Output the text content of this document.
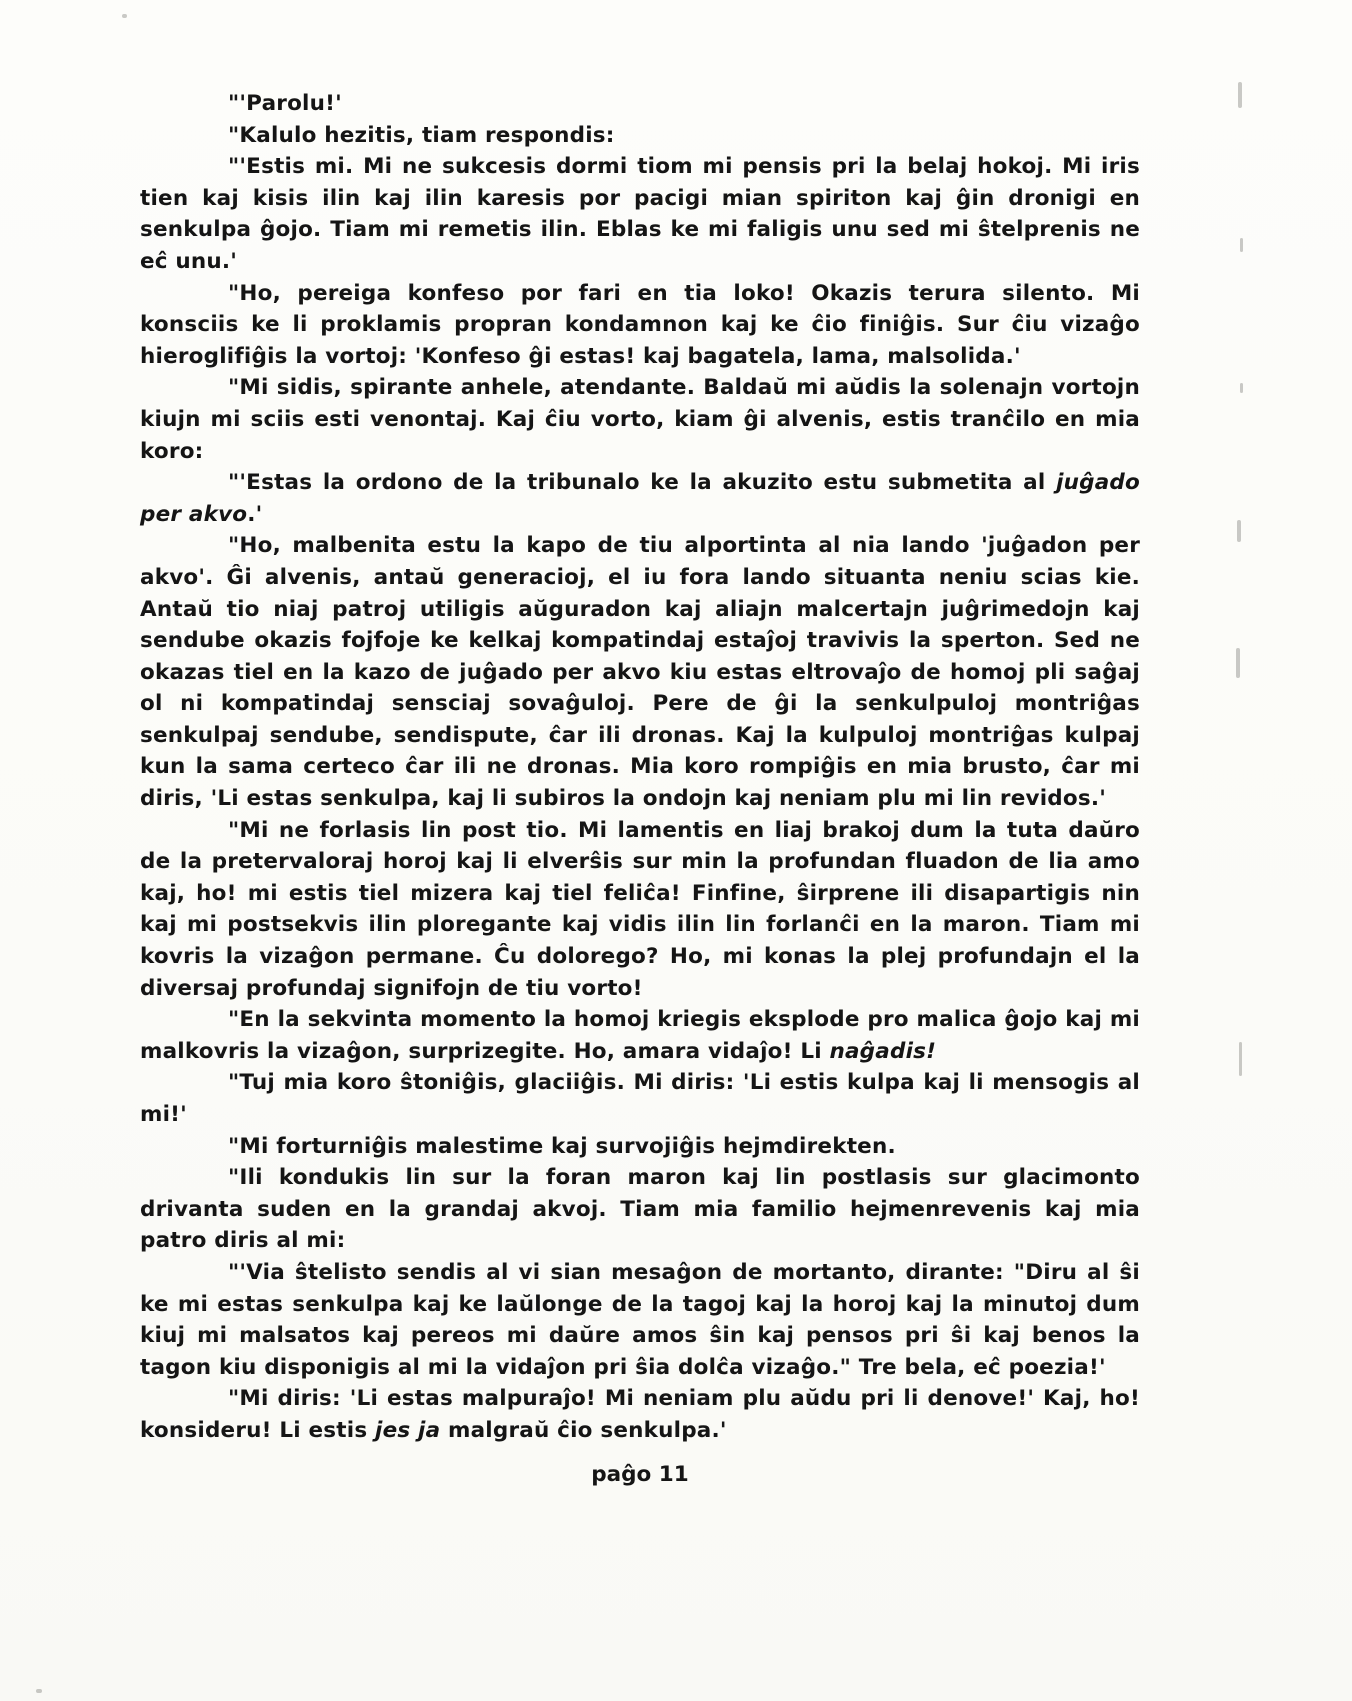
"'Parolu!'

"Kalulo hezitis, tiam respondis:

"'Estis mi. Mi ne sukcesis dormi tiom mi pensis pri la belaj hokoj. Mi iris tien kaj kisis ilin kaj ilin karesis por pacigi mian spiriton kaj ĝin dronigi en senkulpa ĝojo. Tiam mi remetis ilin. Eblas ke mi faligis unu sed mi ŝtelprenis ne eĉ unu.'

"Ho, pereiga konfeso por fari en tia loko! Okazis terura silento. Mi konsciis ke li proklamis propran kondamnon kaj ke ĉio finiĝis. Sur ĉiu vizaĝo hieroglifiĝis la vortoj: 'Konfeso ĝi estas! kaj bagatela, lama, malsolida.'

"Mi sidis, spirante anhele, atendante. Baldaŭ mi aŭdis la solenajn vortojn kiujn mi sciis esti venontaj. Kaj ĉiu vorto, kiam ĝi alvenis, estis tranĉilo en mia koro:

"'Estas la ordono de la tribunalo ke la akuzito estu submetita al juĝado per akvo.'

"Ho, malbenita estu la kapo de tiu alportinta al nia lando 'juĝadon per akvo'. Ĝi alvenis, antaŭ generacioj, el iu fora lando situanta neniu scias kie. Antaŭ tio niaj patroj utiligis aŭguradon kaj aliajn malcertajn juĝrimedojn kaj sendube okazis fojfoje ke kelkaj kompatindaj estaĵoj travivis la sperton. Sed ne okazas tiel en la kazo de juĝado per akvo kiu estas eltrovaĵo de homoj pli saĝaj ol ni kompatindaj sensciaj sovaĝuloj. Pere de ĝi la senkulpuloj montriĝas senkulpaj sendube, sendispute, ĉar ili dronas. Kaj la kulpuloj montriĝas kulpaj kun la sama certeco ĉar ili ne dronas. Mia koro rompiĝis en mia brusto, ĉar mi diris, 'Li estas senkulpa, kaj li subiros la ondojn kaj neniam plu mi lin revidos.'

"Mi ne forlasis lin post tio. Mi lamentis en liaj brakoj dum la tuta daŭro de la pretervaloraj horoj kaj li elverŝis sur min la profundan fluadon de lia amo kaj, ho! mi estis tiel mizera kaj tiel feliĉa! Finfine, ŝirprene ili disapartigis nin kaj mi postsekvis ilin ploregante kaj vidis ilin lin forlanĉi en la maron. Tiam mi kovris la vizaĝon permane. Ĉu dolorego? Ho, mi konas la plej profundajn el la diversaj profundaj signifojn de tiu vorto!

"En la sekvinta momento la homoj kriegis eksplode pro malica ĝojo kaj mi malkovris la vizaĝon, surprizegite. Ho, amara vidaĵo! Li naĝadis!

"Tuj mia koro ŝtoniĝis, glaciiĝis. Mi diris: 'Li estis kulpa kaj li mensogis al mi!'

"Mi forturniĝis malestime kaj survojiĝis hejmdirekten.

"Ili kondukis lin sur la foran maron kaj lin postlasis sur glacimonto drivanta suden en la grandaj akvoj. Tiam mia familio hejmenrevenis kaj mia patro diris al mi:

"'Via ŝtelisto sendis al vi sian mesaĝon de mortanto, dirante: "Diru al ŝi ke mi estas senkulpa kaj ke laŭlonge de la tagoj kaj la horoj kaj la minutoj dum kiuj mi malsatos kaj pereos mi daŭre amos ŝin kaj pensos pri ŝi kaj benos la tagon kiu disponigis al mi la vidaĵon pri ŝia dolĉa vizaĝo." Tre bela, eĉ poezia!'

"Mi diris: 'Li estas malpuraĵo! Mi neniam plu aŭdu pri li denove!' Kaj, ho! konsideru! Li estis jes ja malgraŭ ĉio senkulpa.'

paĝo 11
